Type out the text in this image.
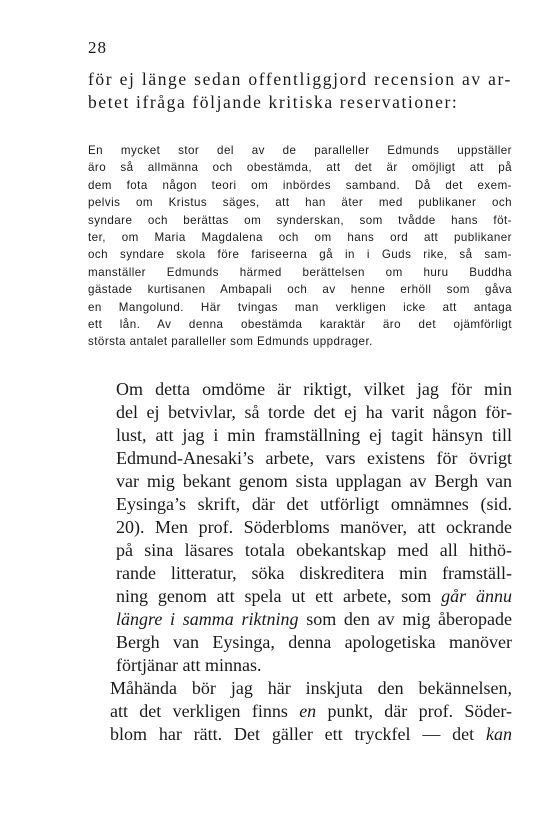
28
för ej länge sedan offentliggjord recension av ar-
betet ifråga följande kritiska reservationer:
En mycket stor del av de paralleller Edmunds uppställer
äro så allmänna och obestämda, att det är omöjligt att på
dem fota någon teori om inbördes samband. Då det exem-
pelvis om Kristus säges, att han äter med publikaner och
syndare och berättas om synderskan, som tvådde hans föt-
ter, om Maria Magdalena och om hans ord att publikaner
och syndare skola före fariseerna gå in i Guds rike, så sam-
manställer Edmunds härmed berättelsen om huru Buddha
gästade kurtisanen Ambapali och av henne erhöll som gåva
en Mangolund. Här tvingas man verkligen icke att antaga
ett lån. Av denna obestämda karaktär äro det ojämförligt
största antalet paralleller som Edmunds uppdrager.

Om detta omdöme är riktigt, vilket jag för min
del ej betvivlar, så torde det ej ha varit någon för-
lust, att jag i min framställning ej tagit hänsyn till
Edmund-Anesaki’s arbete, vars existens för övrigt
var mig bekant genom sista upplagan av Bergh van
Eysinga’s skrift, där det utförligt omnämnes (sid.
20). Men prof. Söderbloms manöver, att ockrande
på sina läsares totala obekantskap med all hithö-
rande litteratur, söka diskreditera min framställ-
ning genom att spela ut ett arbete, som går ännu
längre i samma riktning som den av mig åberopade
Bergh van Eysinga, denna apologetiska manöver
förtjänar att minnas.

Måhända bör jag här inskjuta den bekännelsen,
att det verkligen finns en punkt, där prof. Söder-
blom har rätt. Det gäller ett tryckfel — det kan
